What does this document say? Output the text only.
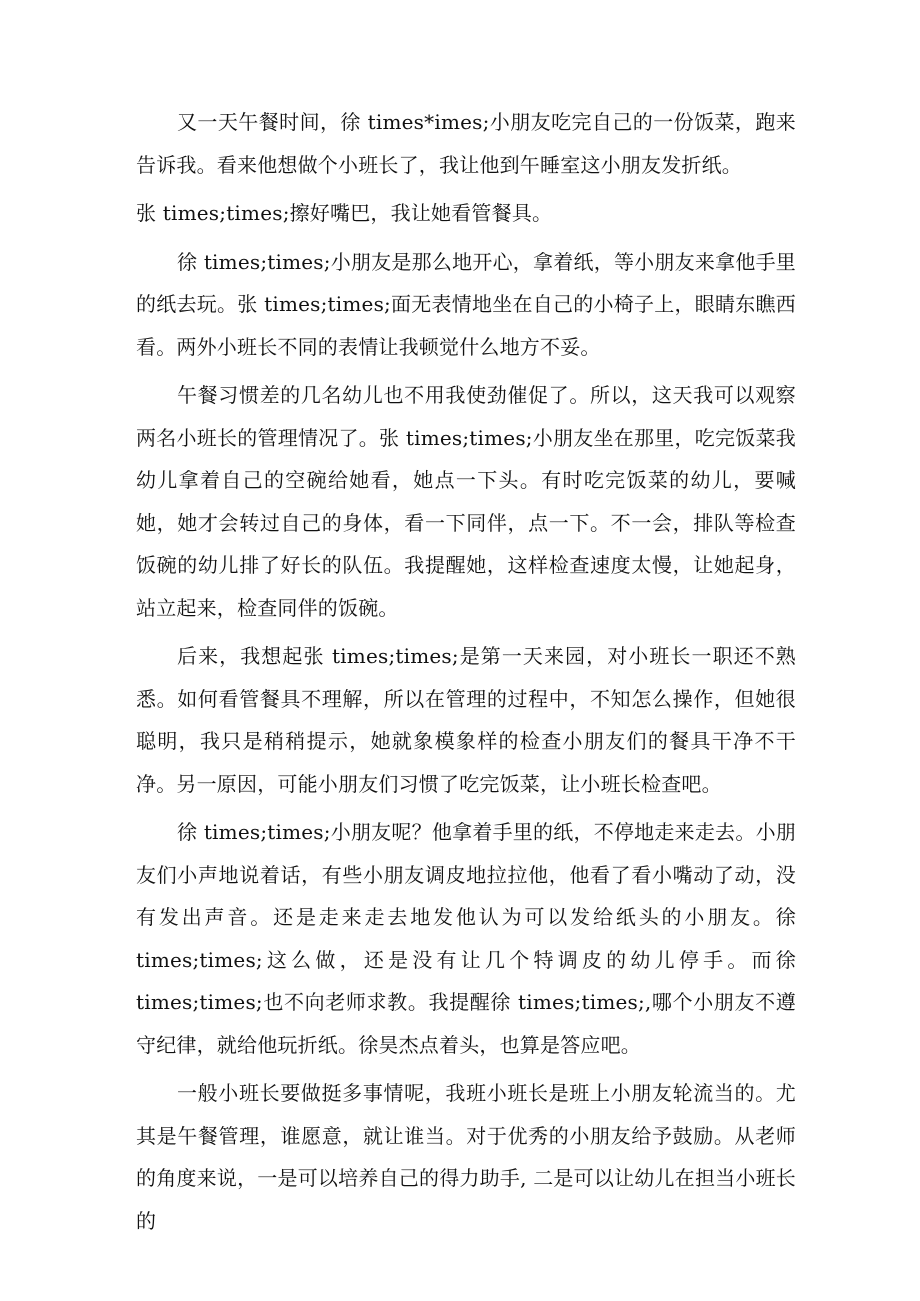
又一天午餐时间，徐 times*imes;小朋友吃完自己的一份饭菜，跑来告诉我。看来他想做个小班长了，我让他到午睡室这小朋友发折纸。

张 times;times;擦好嘴巴，我让她看管餐具。

徐 times;times;小朋友是那么地开心，拿着纸，等小朋友来拿他手里的纸去玩。张 times;times;面无表情地坐在自己的小椅子上，眼睛东瞧西看。两外小班长不同的表情让我顿觉什么地方不妥。

午餐习惯差的几名幼儿也不用我使劲催促了。所以，这天我可以观察两名小班长的管理情况了。张 times;times;小朋友坐在那里，吃完饭菜我幼儿拿着自己的空碗给她看，她点一下头。有时吃完饭菜的幼儿，要喊她，她才会转过自己的身体，看一下同伴，点一下。不一会，排队等检查饭碗的幼儿排了好长的队伍。我提醒她，这样检查速度太慢，让她起身，站立起来，检查同伴的饭碗。

后来，我想起张 times;times;是第一天来园，对小班长一职还不熟悉。如何看管餐具不理解，所以在管理的过程中，不知怎么操作，但她很聪明，我只是稍稍提示，她就象模象样的检查小朋友们的餐具干净不干净。另一原因，可能小朋友们习惯了吃完饭菜，让小班长检查吧。

徐 times;times;小朋友呢？他拿着手里的纸，不停地走来走去。小朋友们小声地说着话，有些小朋友调皮地拉拉他，他看了看小嘴动了动，没有发出声音。还是走来走去地发他认为可以发给纸头的小朋友。徐 times;times;这么做，还是没有让几个特调皮的幼儿停手。而徐 times;times;也不向老师求教。我提醒徐 times;times;,哪个小朋友不遵守纪律，就给他玩折纸。徐昊杰点着头，也算是答应吧。

一般小班长要做挺多事情呢，我班小班长是班上小朋友轮流当的。尤其是午餐管理，谁愿意，就让谁当。对于优秀的小朋友给予鼓励。从老师的角度来说，一是可以培养自己的得力助手, 二是可以让幼儿在担当小班长的
